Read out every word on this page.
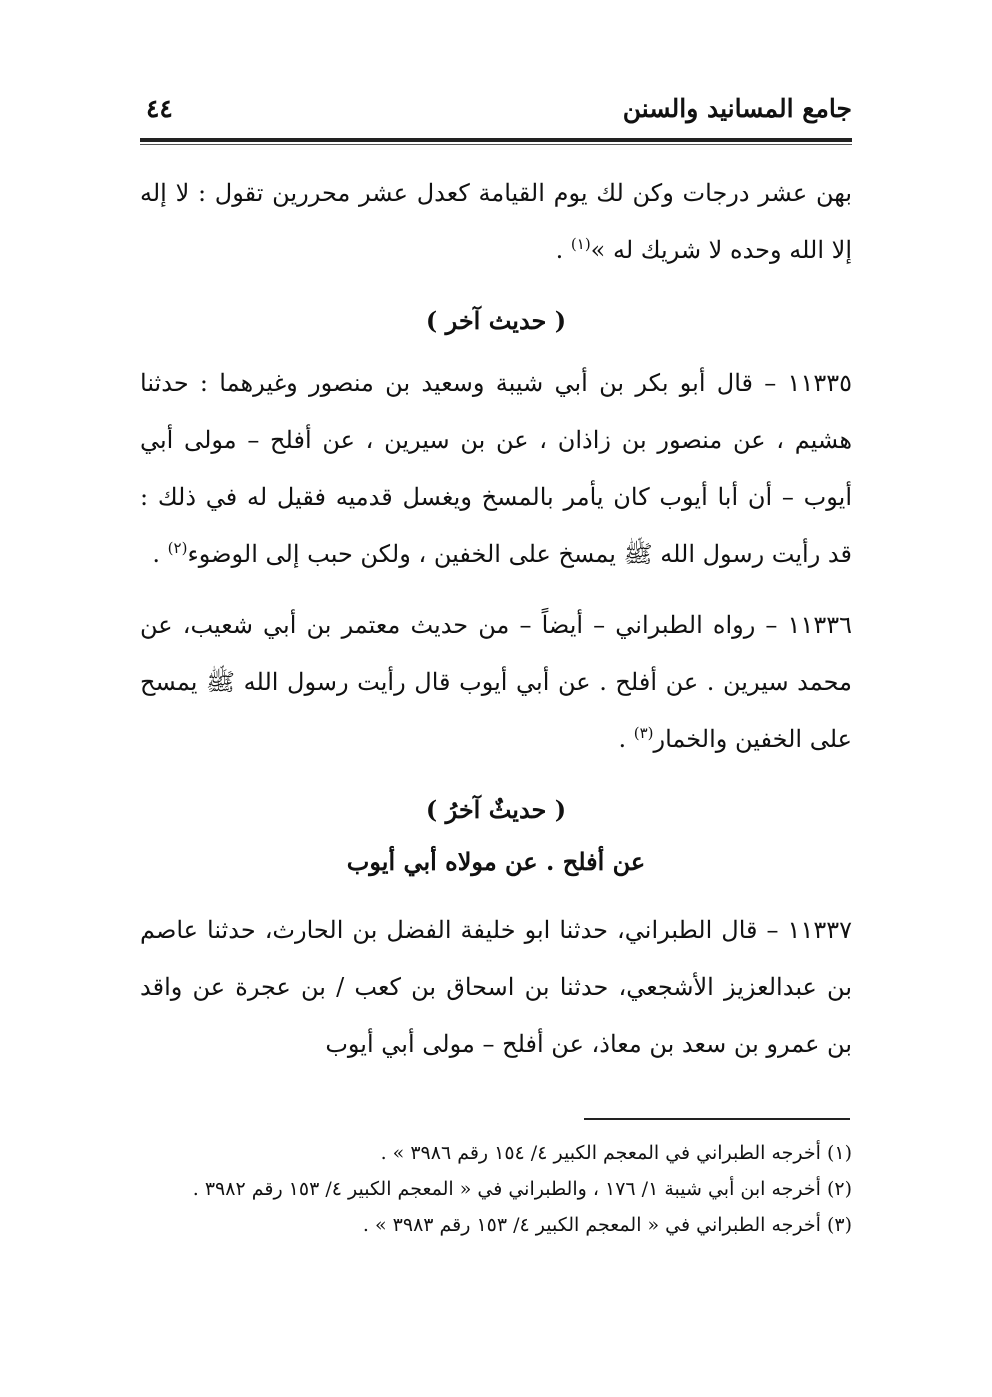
جامع المسانيد والسنن
٤٤

بهن عشر درجات وكن لك يوم القيامة كعدل عشر محررين تقول : لا إله إلا الله وحده لا شريك له »$^{(١)}$ .

( حديث آخر )

١١٣٣٥ – قال أبو بكر بن أبي شيبة وسعيد بن منصور وغيرهما : حدثنا هشيم ، عن منصور بن زاذان ، عن بن سيرين ، عن أفلح – مولى أبي أيوب – أن أبا أيوب كان يأمر بالمسخ ويغسل قدميه فقيل له في ذلك : قد رأيت رسول الله ﷺ يمسخ على الخفين ، ولكن حبب إلى الوضوء$^{(٢)}$ .

١١٣٣٦ – رواه الطبراني – أيضاً – من حديث معتمر بن أبي شعيب، عن محمد سيرين . عن أفلح . عن أبي أيوب قال رأيت رسول الله ﷺ يمسح على الخفين والخمار$^{(٣)}$ .

( حديثٌ آخرُ )
عن أفلح . عن مولاه أبي أيوب

١١٣٣٧ – قال الطبراني، حدثنا ابو خليفة الفضل بن الحارث، حدثنا عاصم بن عبدالعزيز الأشجعي، حدثنا بن اسحاق بن كعب / بن عجرة عن واقد بن عمرو بن سعد بن معاذ، عن أفلح – مولى أبي أيوب

(١) أخرجه الطبراني في المعجم الكبير ٤/ ١٥٤ رقم ٣٩٨٦ » .

(٢) أخرجه ابن أبي شيبة ١/ ١٧٦ ، والطبراني في « المعجم الكبير ٤/ ١٥٣ رقم ٣٩٨٢ .

(٣) أخرجه الطبراني في « المعجم الكبير ٤/ ١٥٣ رقم ٣٩٨٣ » .
